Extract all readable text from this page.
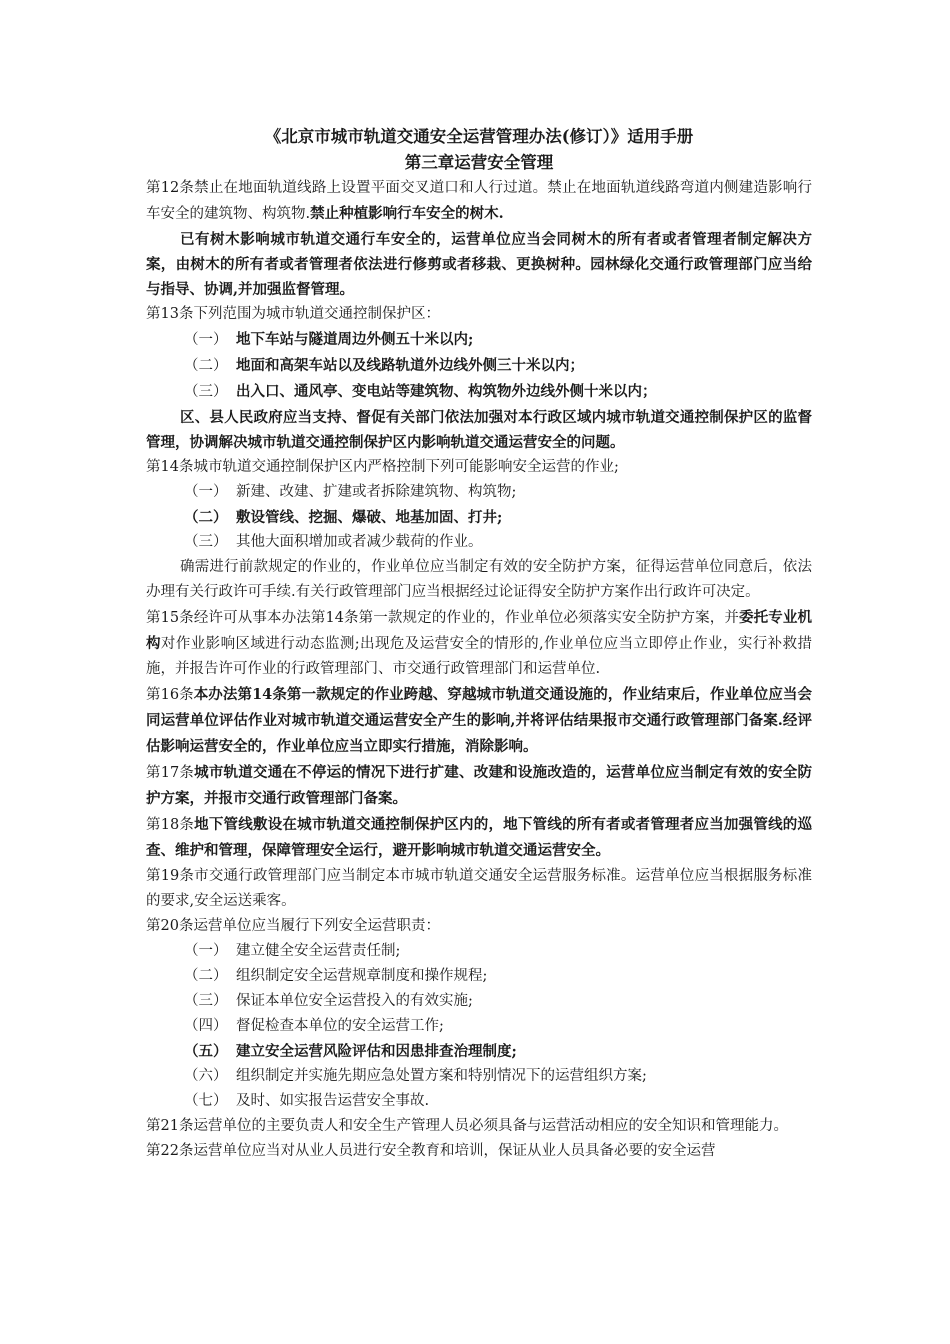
《北京市城市轨道交通安全运营管理办法(修订）》适用手册

第三章运营安全管理

第12条禁止在地面轨道线路上设置平面交叉道口和人行过道。禁止在地面轨道线路弯道内侧建造影响行车安全的建筑物、构筑物.禁止种植影响行车安全的树木.

已有树木影响城市轨道交通行车安全的，运营单位应当会同树木的所有者或者管理者制定解决方案，由树木的所有者或者管理者依法进行修剪或者移栽、更换树种。园林绿化交通行政管理部门应当给与指导、协调,并加强监督管理。

第13条下列范围为城市轨道交通控制保护区：

（一） 地下车站与隧道周边外侧五十米以内;

（二） 地面和高架车站以及线路轨道外边线外侧三十米以内；

（三） 出入口、通风亭、变电站等建筑物、构筑物外边线外侧十米以内；

区、县人民政府应当支持、督促有关部门依法加强对本行政区域内城市轨道交通控制保护区的监督管理，协调解决城市轨道交通控制保护区内影响轨道交通运营安全的问题。

第14条城市轨道交通控制保护区内严格控制下列可能影响安全运营的作业;

（一） 新建、改建、扩建或者拆除建筑物、构筑物;

（二） 敷设管线、挖掘、爆破、地基加固、打井;

（三） 其他大面积增加或者减少载荷的作业。

确需进行前款规定的作业的，作业单位应当制定有效的安全防护方案，征得运营单位同意后，依法办理有关行政许可手续.有关行政管理部门应当根据经过论证得安全防护方案作出行政许可决定。

第15条经许可从事本办法第14条第一款规定的作业的，作业单位必须落实安全防护方案，并委托专业机构对作业影响区域进行动态监测;出现危及运营安全的情形的,作业单位应当立即停止作业，实行补救措施，并报告许可作业的行政管理部门、市交通行政管理部门和运营单位.

第16条本办法第14条第一款规定的作业跨越、穿越城市轨道交通设施的，作业结束后，作业单位应当会同运营单位评估作业对城市轨道交通运营安全产生的影响,并将评估结果报市交通行政管理部门备案.经评估影响运营安全的，作业单位应当立即实行措施，消除影响。

第17条城市轨道交通在不停运的情况下进行扩建、改建和设施改造的，运营单位应当制定有效的安全防护方案，并报市交通行政管理部门备案。

第18条地下管线敷设在城市轨道交通控制保护区内的，地下管线的所有者或者管理者应当加强管线的巡查、维护和管理，保障管理安全运行，避开影响城市轨道交通运营安全。

第19条市交通行政管理部门应当制定本市城市轨道交通安全运营服务标准。运营单位应当根据服务标准的要求,安全运送乘客。

第20条运营单位应当履行下列安全运营职责：

（一） 建立健全安全运营责任制;

（二） 组织制定安全运营规章制度和操作规程;

（三） 保证本单位安全运营投入的有效实施;

（四） 督促检查本单位的安全运营工作;

（五） 建立安全运营风险评估和因患排查治理制度;

（六） 组织制定并实施先期应急处置方案和特别情况下的运营组织方案;

（七） 及时、如实报告运营安全事故.

第21条运营单位的主要负责人和安全生产管理人员必须具备与运营活动相应的安全知识和管理能力。

第22条运营单位应当对从业人员进行安全教育和培训，保证从业人员具备必要的安全运营
